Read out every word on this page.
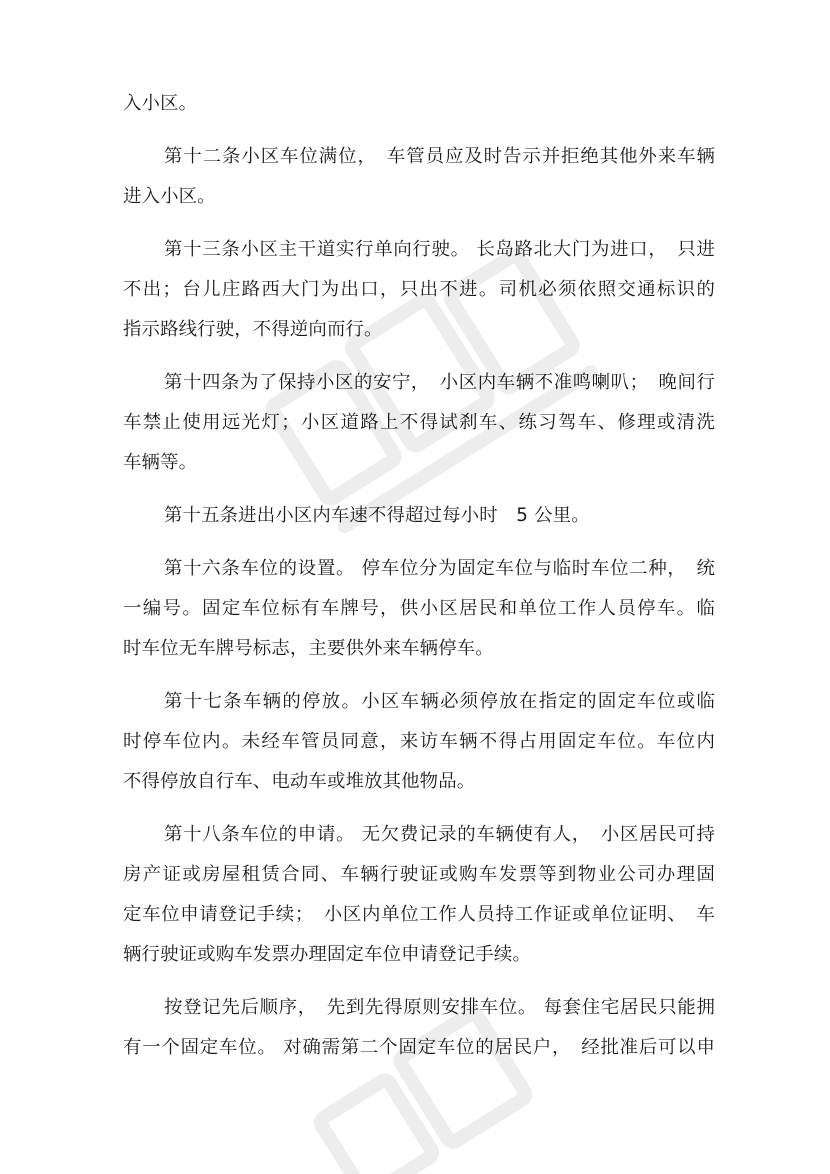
入小区。
第十二条小区车位满位，　车管员应及时告示并拒绝其他外来车辆
进入小区。
第十三条小区主干道实行单向行驶。 长岛路北大门为进口，　只进
不出；台儿庄路西大门为出口，只出不进。司机必须依照交通标识的
指示路线行驶，不得逆向而行。
第十四条为了保持小区的安宁，　小区内车辆不准鸣喇叭；　晚间行
车禁止使用远光灯；小区道路上不得试刹车、练习驾车、修理或清洗
车辆等。
第十五条进出小区内车速不得超过每小时　5 公里。
第十六条车位的设置。 停车位分为固定车位与临时车位二种，　统
一编号。固定车位标有车牌号，供小区居民和单位工作人员停车。临
时车位无车牌号标志，主要供外来车辆停车。
第十七条车辆的停放。小区车辆必须停放在指定的固定车位或临
时停车位内。未经车管员同意，来访车辆不得占用固定车位。车位内
不得停放自行车、电动车或堆放其他物品。
第十八条车位的申请。 无欠费记录的车辆使有人，　小区居民可持
房产证或房屋租赁合同、车辆行驶证或购车发票等到物业公司办理固
定车位申请登记手续；　小区内单位工作人员持工作证或单位证明、　车
辆行驶证或购车发票办理固定车位申请登记手续。
按登记先后顺序，　先到先得原则安排车位。 每套住宅居民只能拥
有一个固定车位。 对确需第二个固定车位的居民户，　经批准后可以申
